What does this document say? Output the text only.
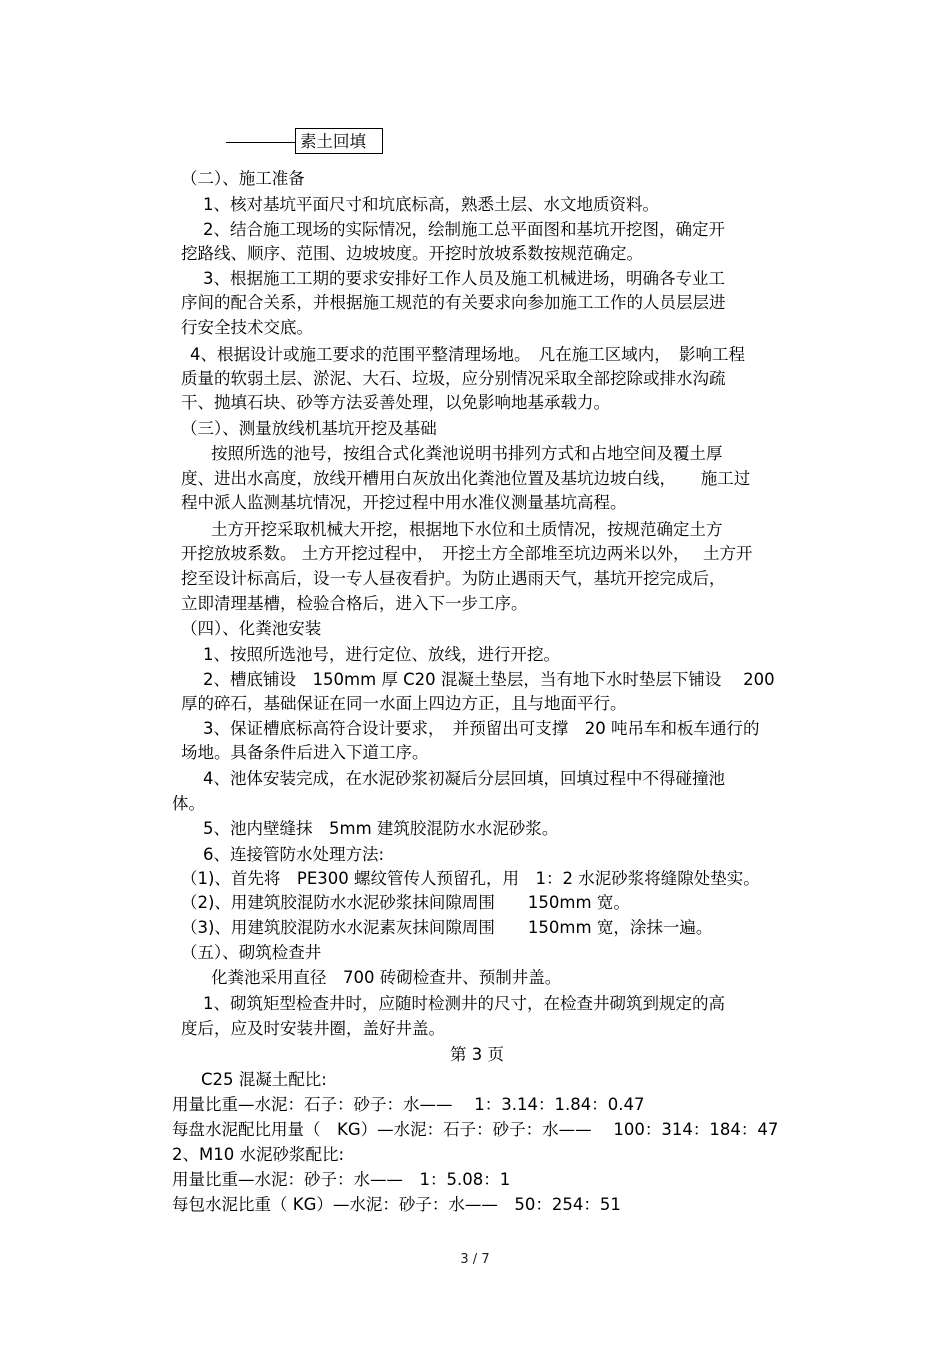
素土回填
（二）、施工准备
1、核对基坑平面尺寸和坑底标高，熟悉土层、水文地质资料。
2、结合施工现场的实际情况，绘制施工总平面图和基坑开挖图，确定开
挖路线、顺序、范围、边坡坡度。开挖时放坡系数按规范确定。
3、根据施工工期的要求安排好工作人员及施工机械进场，明确各专业工
序间的配合关系，并根据施工规范的有关要求向参加施工工作的人员层层进
行安全技术交底。
4、根据设计或施工要求的范围平整清理场地。　凡在施工区域内，　影响工程
质量的软弱土层、淤泥、大石、垃圾，应分别情况采取全部挖除或排水沟疏
干、抛填石块、砂等方法妥善处理，以免影响地基承载力。
（三）、测量放线机基坑开挖及基础
按照所选的池号，按组合式化粪池说明书排列方式和占地空间及覆土厚
度、进出水高度，放线开槽用白灰放出化粪池位置及基坑边坡白线，　　施工过
程中派人监测基坑情况，开挖过程中用水准仪测量基坑高程。
土方开挖采取机械大开挖，根据地下水位和土质情况，按规范确定土方
开挖放坡系数。 土方开挖过程中，　开挖土方全部堆至坑边两米以外，　 土方开
挖至设计标高后，设一专人昼夜看护。为防止遇雨天气，基坑开挖完成后，
立即清理基槽，检验合格后，进入下一步工序。
（四）、化粪池安装
1、按照所选池号，进行定位、放线，进行开挖。
2、槽底铺设　150mm 厚 C20 混凝土垫层，当有地下水时垫层下铺设　 200
厚的碎石，基础保证在同一水面上四边方正，且与地面平行。
3、保证槽底标高符合设计要求，　并预留出可支撑　20 吨吊车和板车通行的
场地。具备条件后进入下道工序。
4、池体安装完成，在水泥砂浆初凝后分层回填，回填过程中不得碰撞池
体。
5、池内壁缝抹　5mm 建筑胶混防水水泥砂浆。
6、连接管防水处理方法:
（1)、首先将　PE300 螺纹管传人预留孔，用　1：2 水泥砂浆将缝隙处垫实。
（2)、用建筑胶混防水水泥砂浆抹间隙周围　　150mm 宽。
（3)、用建筑胶混防水水泥素灰抹间隙周围　　150mm 宽，涂抹一遍。
（五）、砌筑检查井
化粪池采用直径　700 砖砌检查井、预制井盖。
1、砌筑矩型检查井时，应随时检测井的尺寸，在检查井砌筑到规定的高
度后，应及时安装井圈，盖好井盖。
第 3 页
C25 混凝土配比:
用量比重—水泥：石子：砂子：水——　 1：3.14：1.84：0.47
每盘水泥配比用量（　KG）—水泥：石子：砂子：水——　 100：314：184：47
2、M10 水泥砂浆配比:
用量比重—水泥：砂子：水——　1：5.08：1
每包水泥比重（ KG）—水泥：砂子：水——　50：254：51
3 / 7
